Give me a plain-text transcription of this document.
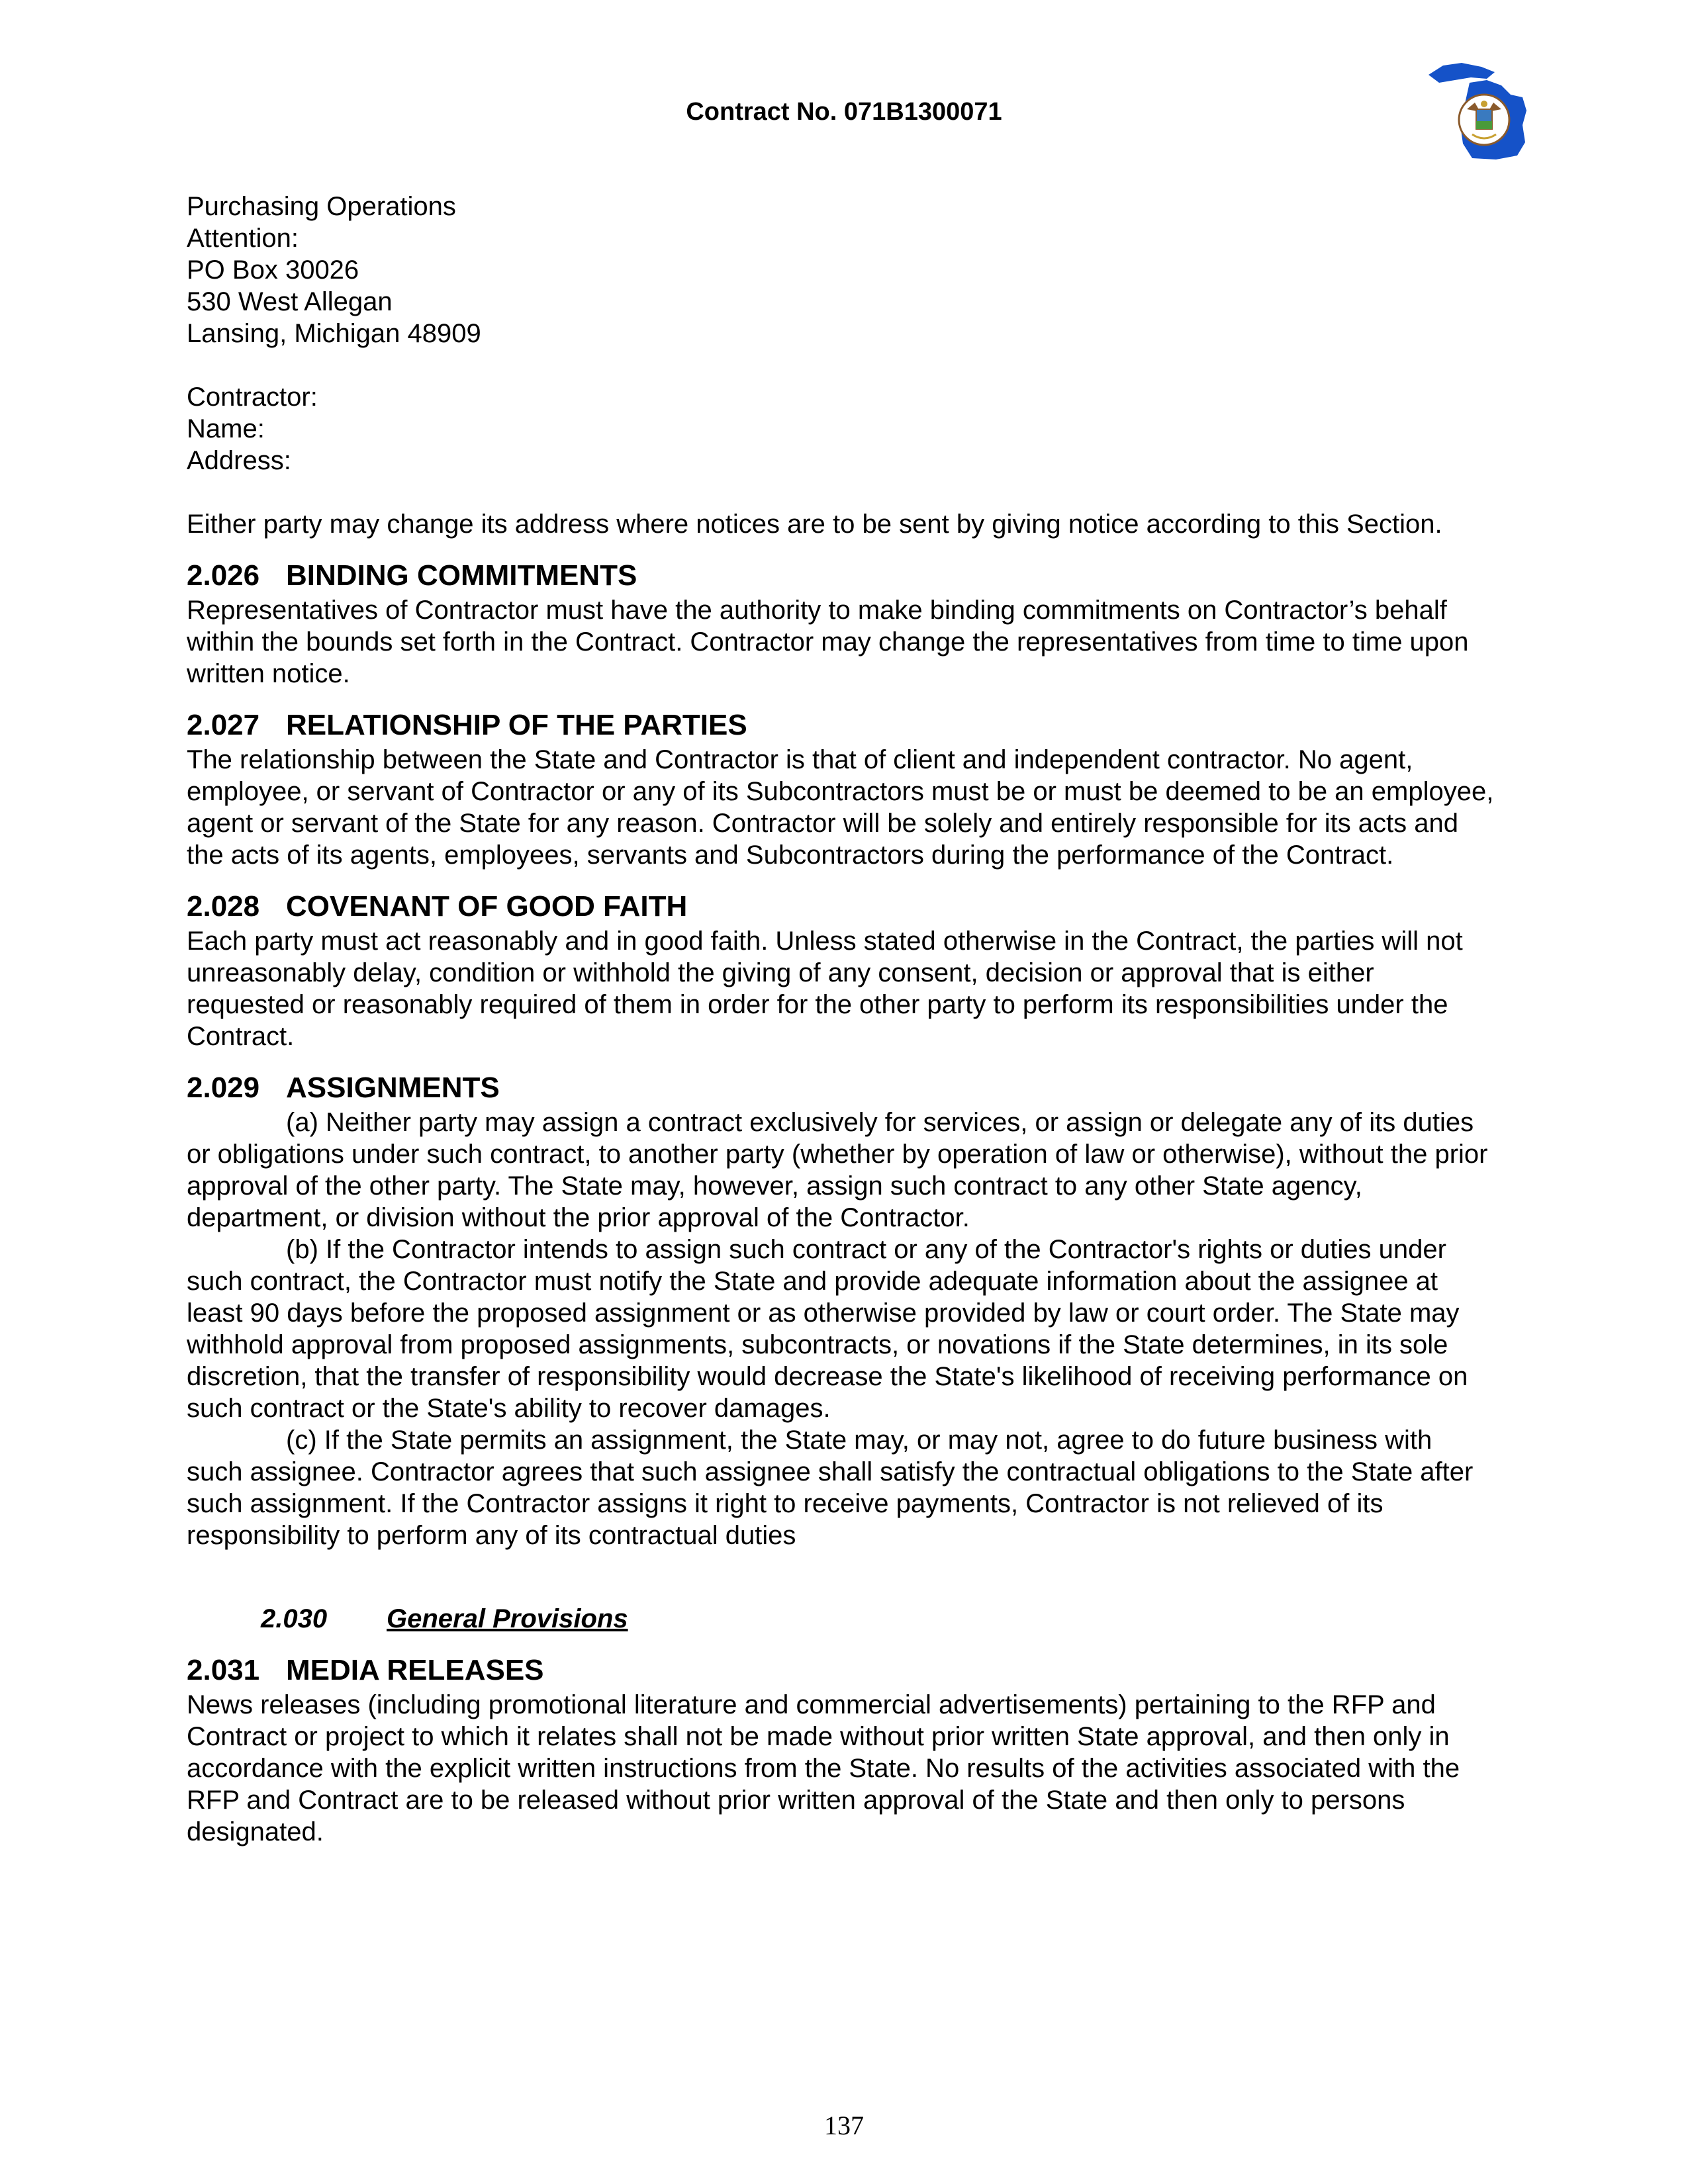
Contract No. 071B1300071
Purchasing Operations
Attention:
PO Box 30026
530 West Allegan
Lansing, Michigan 48909
Contractor:
Name:
Address:
Either party may change its address where notices are to be sent by giving notice according to this Section.
2.026 BINDING COMMITMENTS
Representatives of Contractor must have the authority to make binding commitments on Contractor’s behalf
within the bounds set forth in the Contract. Contractor may change the representatives from time to time upon
written notice.
2.027 RELATIONSHIP OF THE PARTIES
The relationship between the State and Contractor is that of client and independent contractor. No agent,
employee, or servant of Contractor or any of its Subcontractors must be or must be deemed to be an employee,
agent or servant of the State for any reason. Contractor will be solely and entirely responsible for its acts and
the acts of its agents, employees, servants and Subcontractors during the performance of the Contract.
2.028 COVENANT OF GOOD FAITH
Each party must act reasonably and in good faith. Unless stated otherwise in the Contract, the parties will not
unreasonably delay, condition or withhold the giving of any consent, decision or approval that is either
requested or reasonably required of them in order for the other party to perform its responsibilities under the
Contract.
2.029 ASSIGNMENTS
(a) Neither party may assign a contract exclusively for services, or assign or delegate any of its duties
or obligations under such contract, to another party (whether by operation of law or otherwise), without the prior
approval of the other party. The State may, however, assign such contract to any other State agency,
department, or division without the prior approval of the Contractor.
(b) If the Contractor intends to assign such contract or any of the Contractor's rights or duties under
such contract, the Contractor must notify the State and provide adequate information about the assignee at
least 90 days before the proposed assignment or as otherwise provided by law or court order. The State may
withhold approval from proposed assignments, subcontracts, or novations if the State determines, in its sole
discretion, that the transfer of responsibility would decrease the State's likelihood of receiving performance on
such contract or the State's ability to recover damages.
(c) If the State permits an assignment, the State may, or may not, agree to do future business with
such assignee. Contractor agrees that such assignee shall satisfy the contractual obligations to the State after
such assignment. If the Contractor assigns it right to receive payments, Contractor is not relieved of its
responsibility to perform any of its contractual duties
2.030 General Provisions
2.031 MEDIA RELEASES
News releases (including promotional literature and commercial advertisements) pertaining to the RFP and
Contract or project to which it relates shall not be made without prior written State approval, and then only in
accordance with the explicit written instructions from the State. No results of the activities associated with the
RFP and Contract are to be released without prior written approval of the State and then only to persons
designated.
137
